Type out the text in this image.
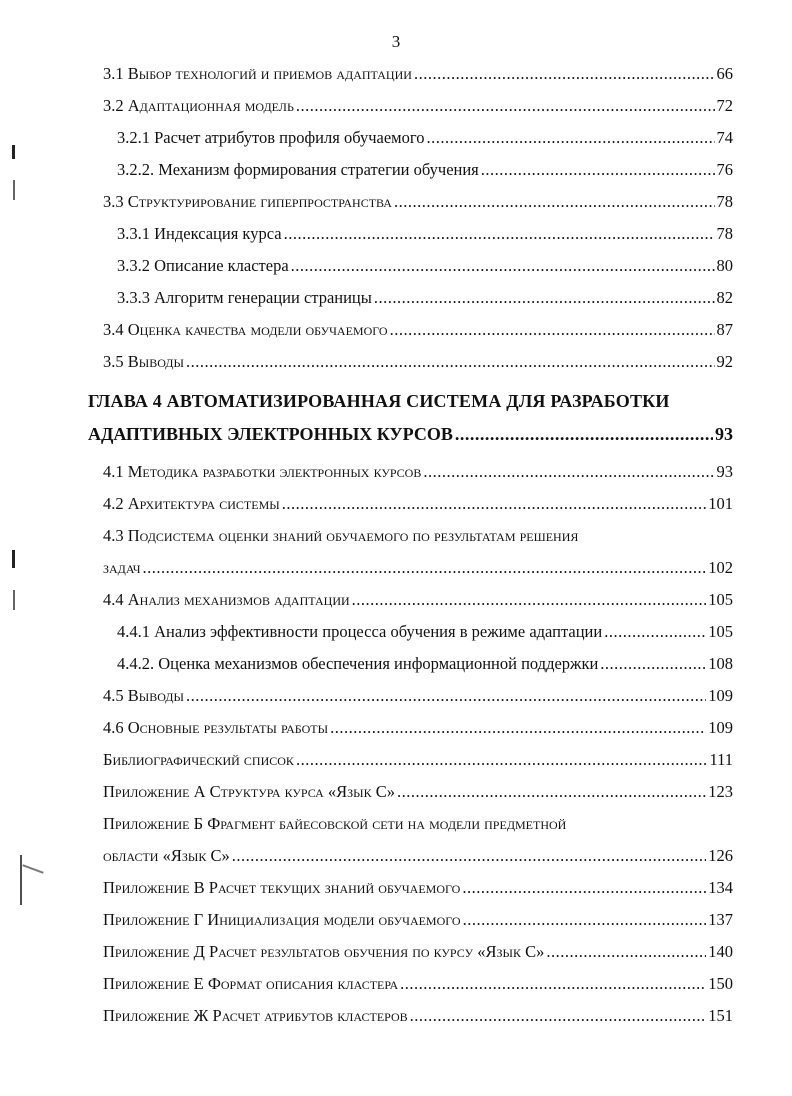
3
3.1 Выбор технологий и приемов адаптации .....	66
3.2 Адаптационная модель .....	72
3.2.1 Расчет атрибутов профиля обучаемого .....	74
3.2.2. Механизм формирования стратегии обучения .....	76
3.3 Структурирование гиперпространства .....	78
3.3.1 Индексация курса .....	78
3.3.2 Описание кластера .....	80
3.3.3 Алгоритм генерации страницы .....	82
3.4 Оценка качества модели обучаемого .....	87
3.5 Выводы .....	92
ГЛАВА 4 АВТОМАТИЗИРОВАННАЯ СИСТЕМА ДЛЯ РАЗРАБОТКИ
АДАПТИВНЫХ ЭЛЕКТРОННЫХ КУРСОВ .....	93
4.1 Методика разработки электронных курсов .....	93
4.2 Архитектура системы .....	101
4.3 Подсистема оценки знаний обучаемого по результатам решения
задач .....	102
4.4 Анализ механизмов адаптации .....	105
4.4.1 Анализ эффективности процесса обучения в режиме адаптации .....	105
4.4.2. Оценка механизмов обеспечения информационной поддержки .....	108
4.5 Выводы .....	109
4.6 Основные результаты работы .....	109
Библиографический список .....	111
Приложение А Структура курса «Язык С» .....	123
Приложение Б Фрагмент байесовской сети на модели предметной
области «Язык С» .....	126
Приложение В Расчет текущих знаний обучаемого .....	134
Приложение Г Инициализация модели обучаемого .....	137
Приложение Д Расчет результатов обучения по курсу «Язык С» .....	140
Приложение Е Формат описания кластера .....	150
Приложение Ж Расчет атрибутов кластеров .....	151
